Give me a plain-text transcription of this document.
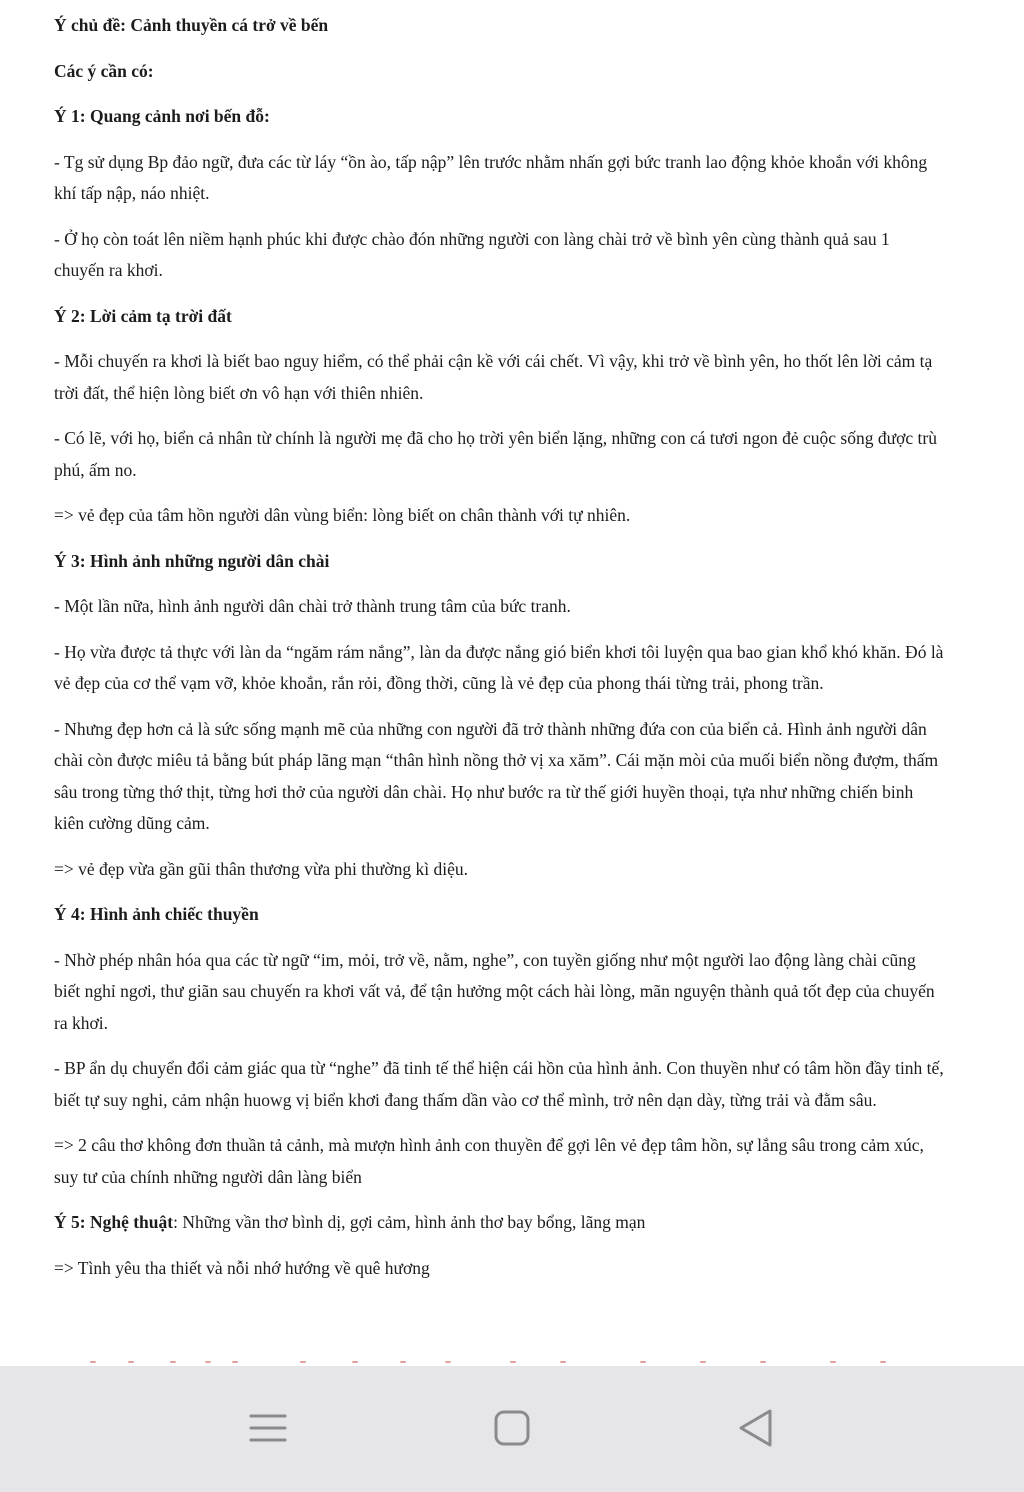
Ý chủ đề: Cảnh thuyền cá trở về bến
Các ý cần có:
Ý 1: Quang cảnh nơi bến đỗ:
- Tg sử dụng Bp đảo ngữ, đưa các từ láy “ồn ào, tấp nập” lên trước nhằm nhấn gợi bức tranh lao động khỏe khoắn với không khí tấp nập, náo nhiệt.
- Ở họ còn toát lên niềm hạnh phúc khi được chào đón những người con làng chài trở về bình yên cùng thành quả sau 1 chuyến ra khơi.
Ý 2: Lời cảm tạ trời đất
- Mỗi chuyến ra khơi là biết bao nguy hiểm, có thể phải cận kề với cái chết. Vì vậy, khi trở về bình yên, ho thốt lên lời cảm tạ trời đất, thể hiện lòng biết ơn vô hạn với thiên nhiên.
- Có lẽ, với họ, biển cả nhân từ chính là người mẹ đã cho họ trời yên biển lặng, những con cá tươi ngon đẻ cuộc sống được trù phú, ấm no.
=> vẻ đẹp của tâm hồn người dân vùng biển: lòng biết on chân thành với tự nhiên.
Ý 3: Hình ảnh những người dân chài
- Một lần nữa, hình ảnh người dân chài trở thành trung tâm của bức tranh.
- Họ vừa được tả thực với làn da “ngăm rám nắng”, làn da được nắng gió biển khơi tôi luyện qua bao gian khổ khó khăn. Đó là vẻ đẹp của cơ thể vạm vỡ, khỏe khoắn, rắn rỏi, đồng thời, cũng là vẻ đẹp của phong thái từng trải, phong trần.
- Nhưng đẹp hơn cả là sức sống mạnh mẽ của những con người đã trở thành những đứa con của biển cả. Hình ảnh người dân chài còn được miêu tả bằng bút pháp lãng mạn “thân hình nồng thở vị xa xăm”. Cái mặn mòi của muối biển nồng đượm, thấm sâu trong từng thớ thịt, từng hơi thở của người dân chài. Họ như bước ra từ thế giới huyền thoại, tựa như những chiến binh kiên cường dũng cảm.
=> vẻ đẹp vừa gần gũi thân thương vừa phi thường kì diệu.
Ý 4: Hình ảnh chiếc thuyền
- Nhờ phép nhân hóa qua các từ ngữ “im, mỏi, trở về, nằm, nghe”, con tuyền giống như một người lao động làng chài cũng biết nghỉ ngơi, thư giãn sau chuyến ra khơi vất vả, để tận hưởng một cách hài lòng, mãn nguyện thành quả tốt đẹp của chuyến ra khơi.
- BP ẩn dụ chuyển đổi cảm giác qua từ “nghe” đã tinh tế thể hiện cái hồn của hình ảnh. Con thuyền như có tâm hồn đầy tinh tế, biết tự suy nghi, cảm nhận huowg vị biển khơi đang thấm dần vào cơ thể mình, trở nên dạn dày, từng trải và đằm sâu.
=> 2 câu thơ không đơn thuần tả cảnh, mà mượn hình ảnh con thuyền để gợi lên vẻ đẹp tâm hồn, sự lắng sâu trong cảm xúc, suy tư của chính những người dân làng biển
Ý 5: Nghệ thuật: Những vần thơ bình dị, gợi cảm, hình ảnh thơ bay bổng, lãng mạn
=> Tình yêu tha thiết và nỗi nhớ hướng về quê hương
